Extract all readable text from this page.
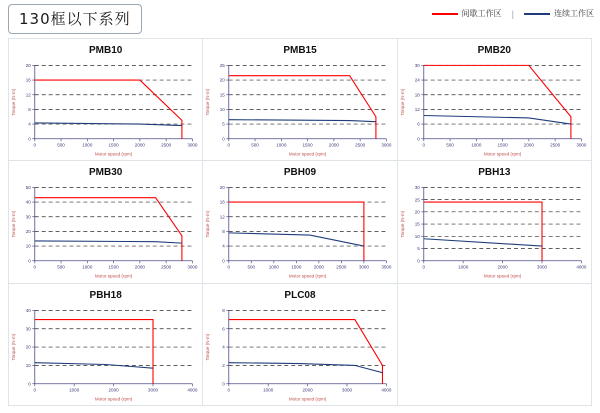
130框以下系列	间歇工作区 |	连续工作区
PMB10
0	500	1000	1500	2000	2500	3000
0
4
8
12
16
20
Motor speed (rpm)
Torque (N·m)
PMB15
0	500	1000	1500	2000	2500	3000
0
5
10
15
20
25
Motor speed (rpm)
Torque (N·m)
PMB20
0	500	1000	1500	2000	2500	3000
0
6
12
18
24
30
Motor speed (rpm)
Torque (N·m)
PMB30
0	500	1000	1500	2000	2500	3000
0
10
20
30
40
50
Motor speed (rpm)
Torque (N·m)
PBH09
0	500	1000	1500	2000	2500	3000	3500
0
4
8
12
16
20
Motor speed (rpm)
Torque (N·m)
PBH13
0	1000	2000	3000	4000
0
5
10
15
20
25
30
Motor speed (rpm)
Torque (N·m)
PBH18
0	1000	2000	3000	4000
0
10
20
30
40
Motor speed (rpm)
Torque (N·m)
PLC08
0	1000	2000	3000	4000
0
2
4
6
8
Motor speed (rpm)
Torque (N·m)
